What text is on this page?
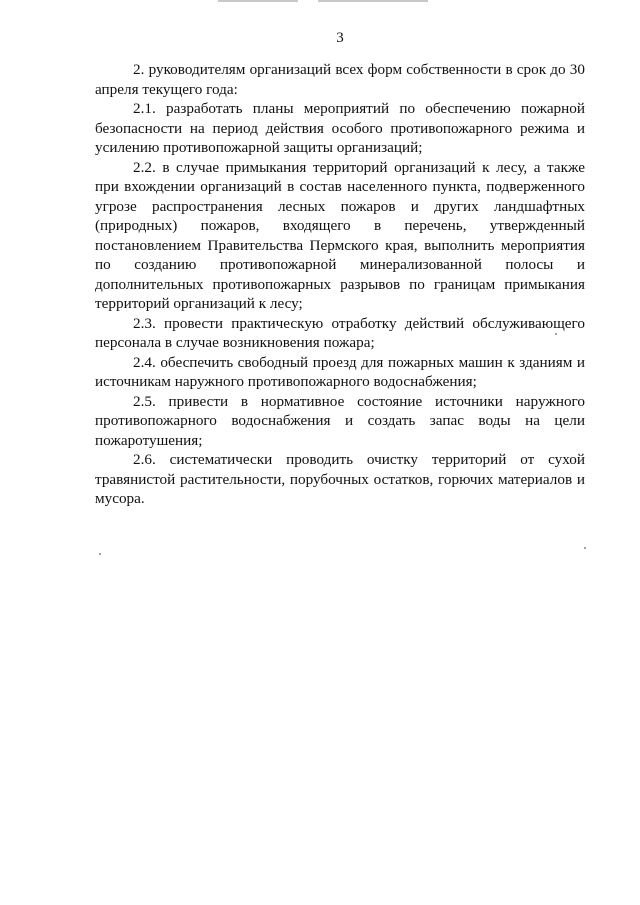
3

2. руководителям организаций всех форм собственности в срок до 30 апреля текущего года:

2.1. разработать планы мероприятий по обеспечению пожарной безопасности на период действия особого противопожарного режима и усилению противопожарной защиты организаций;

2.2. в случае примыкания территорий организаций к лесу, а также при вхождении организаций в состав населенного пункта, подверженного угрозе распространения лесных пожаров и других ландшафтных (природных) пожаров, входящего в перечень, утвержденный постановлением Правительства Пермского края, выполнить мероприятия по созданию противопожарной минерализованной полосы и дополнительных противопожарных разрывов по границам примыкания территорий организаций к лесу;

2.3. провести практическую отработку действий обслуживающего персонала в случае возникновения пожара;

2.4. обеспечить свободный проезд для пожарных машин к зданиям и источникам наружного противопожарного водоснабжения;

2.5. привести в нормативное состояние источники наружного противопожарного водоснабжения и создать запас воды на цели пожаротушения;

2.6. систематически проводить очистку территорий от сухой травянистой растительности, порубочных остатков, горючих материалов и мусора.
